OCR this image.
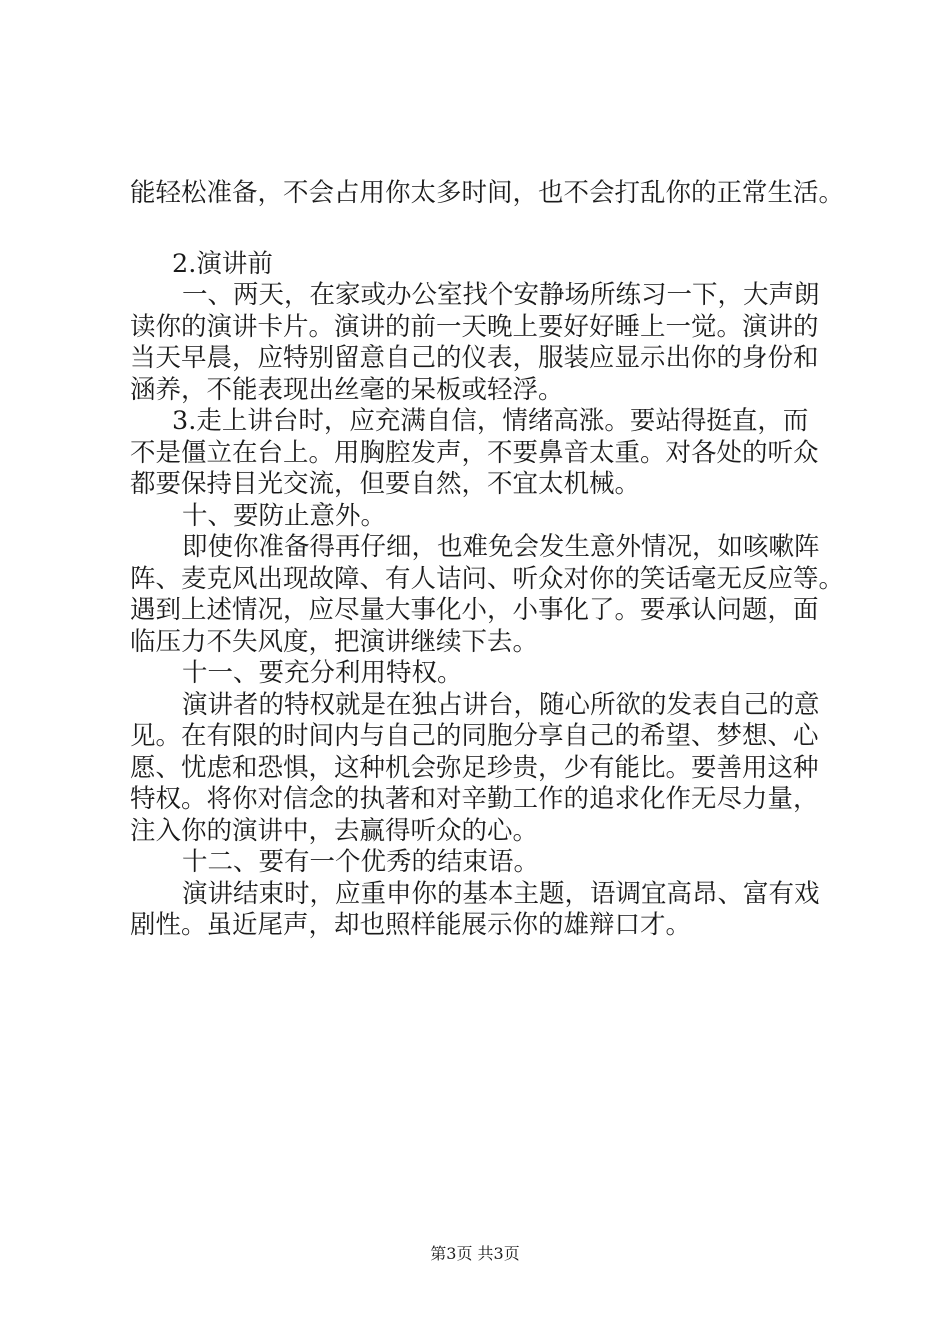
能轻松准备，不会占用你太多时间，也不会打乱你的正常生活。
2.演讲前
一、两天，在家或办公室找个安静场所练习一下，大声朗
读你的演讲卡片。演讲的前一天晚上要好好睡上一觉。演讲的
当天早晨，应特别留意自己的仪表，服装应显示出你的身份和
涵养，不能表现出丝毫的呆板或轻浮。
3.走上讲台时，应充满自信，情绪高涨。要站得挺直，而
不是僵立在台上。用胸腔发声，不要鼻音太重。对各处的听众
都要保持目光交流，但要自然，不宜太机械。
十、要防止意外。
即使你准备得再仔细，也难免会发生意外情况，如咳嗽阵
阵、麦克风出现故障、有人诘问、听众对你的笑话毫无反应等。
遇到上述情况，应尽量大事化小，小事化了。要承认问题，面
临压力不失风度，把演讲继续下去。
十一、要充分利用特权。
演讲者的特权就是在独占讲台，随心所欲的发表自己的意
见。在有限的时间内与自己的同胞分享自己的希望、梦想、心
愿、忧虑和恐惧，这种机会弥足珍贵，少有能比。要善用这种
特权。将你对信念的执著和对辛勤工作的追求化作无尽力量，
注入你的演讲中，去赢得听众的心。
十二、要有一个优秀的结束语。
演讲结束时，应重申你的基本主题，语调宜高昂、富有戏
剧性。虽近尾声，却也照样能展示你的雄辩口才。
第3页 共3页
